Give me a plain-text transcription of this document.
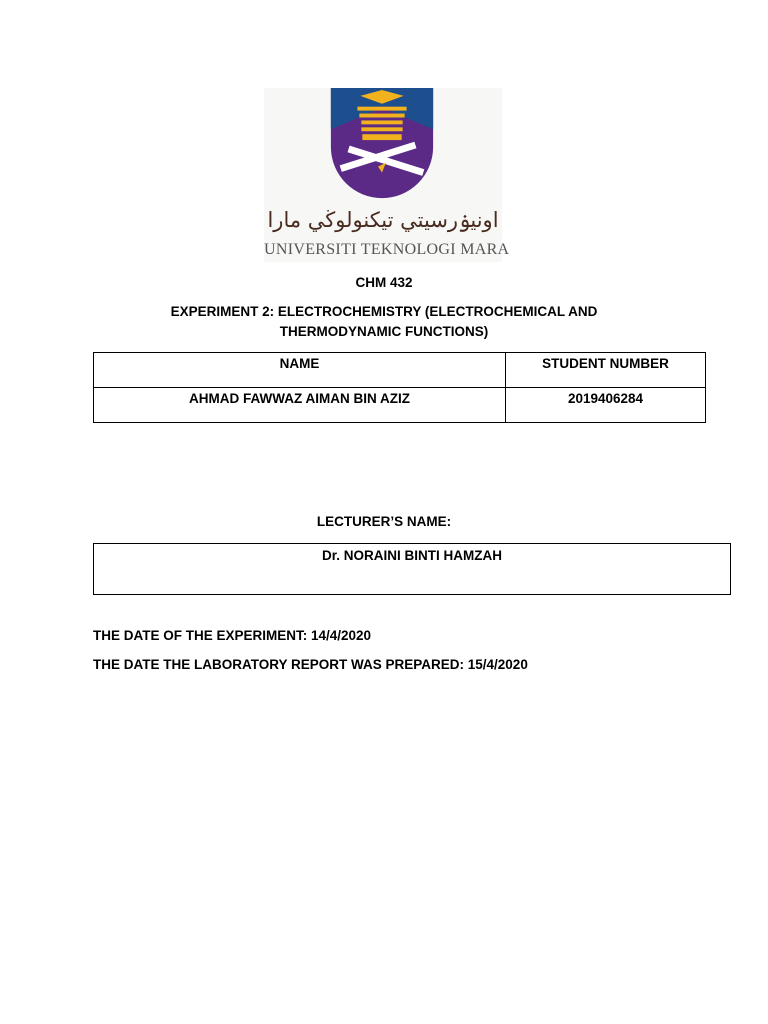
اونيۏرسيتي تيكنولوڬي مارا
UNIVERSITI TEKNOLOGI MARA
CHM 432
EXPERIMENT 2: ELECTROCHEMISTRY (ELECTROCHEMICAL AND
THERMODYNAMIC FUNCTIONS)
NAME	STUDENT NUMBER
AHMAD FAWWAZ AIMAN BIN AZIZ	2019406284
LECTURER’S NAME:
Dr. NORAINI BINTI HAMZAH
THE DATE OF THE EXPERIMENT: 14/4/2020
THE DATE THE LABORATORY REPORT WAS PREPARED: 15/4/2020
